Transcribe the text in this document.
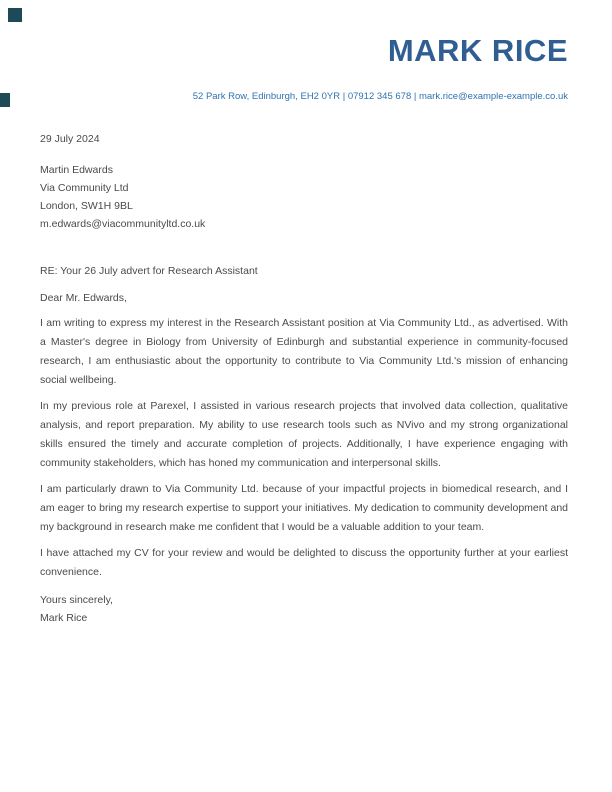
MARK RICE

52 Park Row, Edinburgh, EH2 0YR | 07912 345 678 | mark.rice@example-example.co.uk

29 July 2024

Martin Edwards

Via Community Ltd

London, SW1H 9BL

m.edwards@viacommunityltd.co.uk

RE: Your 26 July advert for Research Assistant

Dear Mr. Edwards,

I am writing to express my interest in the Research Assistant position at Via Community Ltd., as advertised. With a Master's degree in Biology from University of Edinburgh and substantial experience in community-focused research, I am enthusiastic about the opportunity to contribute to Via Community Ltd.'s mission of enhancing social wellbeing.

In my previous role at Parexel, I assisted in various research projects that involved data collection, qualitative analysis, and report preparation. My ability to use research tools such as NVivo and my strong organizational skills ensured the timely and accurate completion of projects. Additionally, I have experience engaging with community stakeholders, which has honed my communication and interpersonal skills.

I am particularly drawn to Via Community Ltd. because of your impactful projects in biomedical research, and I am eager to bring my research expertise to support your initiatives. My dedication to community development and my background in research make me confident that I would be a valuable addition to your team.

I have attached my CV for your review and would be delighted to discuss the opportunity further at your earliest convenience.

Yours sincerely,

Mark Rice
